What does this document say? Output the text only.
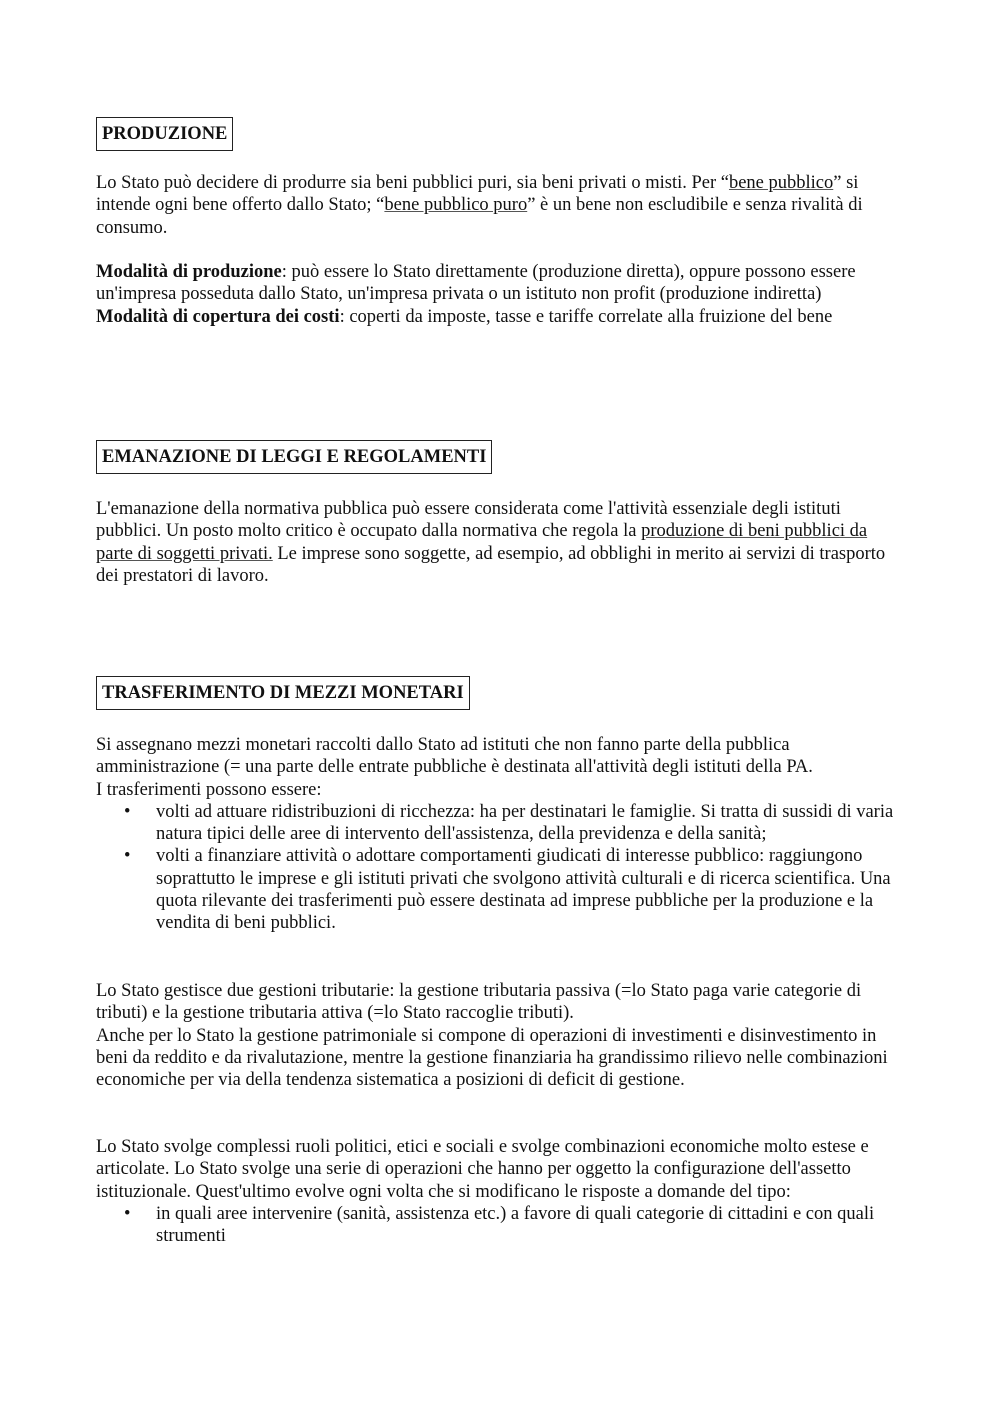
PRODUZIONE

Lo Stato può decidere di produrre sia beni pubblici puri, sia beni privati o misti. Per “bene pubblico” si intende ogni bene offerto dallo Stato; “bene pubblico puro” è un bene non escludibile e senza rivalità di consumo.

Modalità di produzione: può essere lo Stato direttamente (produzione diretta), oppure possono essere un'impresa posseduta dallo Stato, un'impresa privata o un istituto non profit (produzione indiretta)

Modalità di copertura dei costi: coperti da imposte, tasse e tariffe correlate alla fruizione del bene

EMANAZIONE DI LEGGI E REGOLAMENTI

L'emanazione della normativa pubblica può essere considerata come l'attività essenziale degli istituti pubblici. Un posto molto critico è occupato dalla normativa che regola la produzione di beni pubblici da parte di soggetti privati. Le imprese sono soggette, ad esempio, ad obblighi in merito ai servizi di trasporto dei prestatori di lavoro.

TRASFERIMENTO DI MEZZI MONETARI

Si assegnano mezzi monetari raccolti dallo Stato ad istituti che non fanno parte della pubblica amministrazione (= una parte delle entrate pubbliche è destinata all'attività degli istituti della PA.

I trasferimenti possono essere:

• volti ad attuare ridistribuzioni di ricchezza: ha per destinatari le famiglie. Si tratta di sussidi di varia natura tipici delle aree di intervento dell'assistenza, della previdenza e della sanità;
• volti a finanziare attività o adottare comportamenti giudicati di interesse pubblico: raggiungono soprattutto le imprese e gli istituti privati che svolgono attività culturali e di ricerca scientifica. Una quota rilevante dei trasferimenti può essere destinata ad imprese pubbliche per la produzione e la vendita di beni pubblici.

Lo Stato gestisce due gestioni tributarie: la gestione tributaria passiva (=lo Stato paga varie categorie di tributi) e la gestione tributaria attiva (=lo Stato raccoglie tributi).

Anche per lo Stato la gestione patrimoniale si compone di operazioni di investimenti e disinvestimento in beni da reddito e da rivalutazione, mentre la gestione finanziaria ha grandissimo rilievo nelle combinazioni economiche per via della tendenza sistematica a posizioni di deficit di gestione.

Lo Stato svolge complessi ruoli politici, etici e sociali e svolge combinazioni economiche molto estese e articolate. Lo Stato svolge una serie di operazioni che hanno per oggetto la configurazione dell'assetto istituzionale. Quest'ultimo evolve ogni volta che si modificano le risposte a domande del tipo:

• in quali aree intervenire (sanità, assistenza etc.) a favore di quali categorie di cittadini e con quali strumenti
